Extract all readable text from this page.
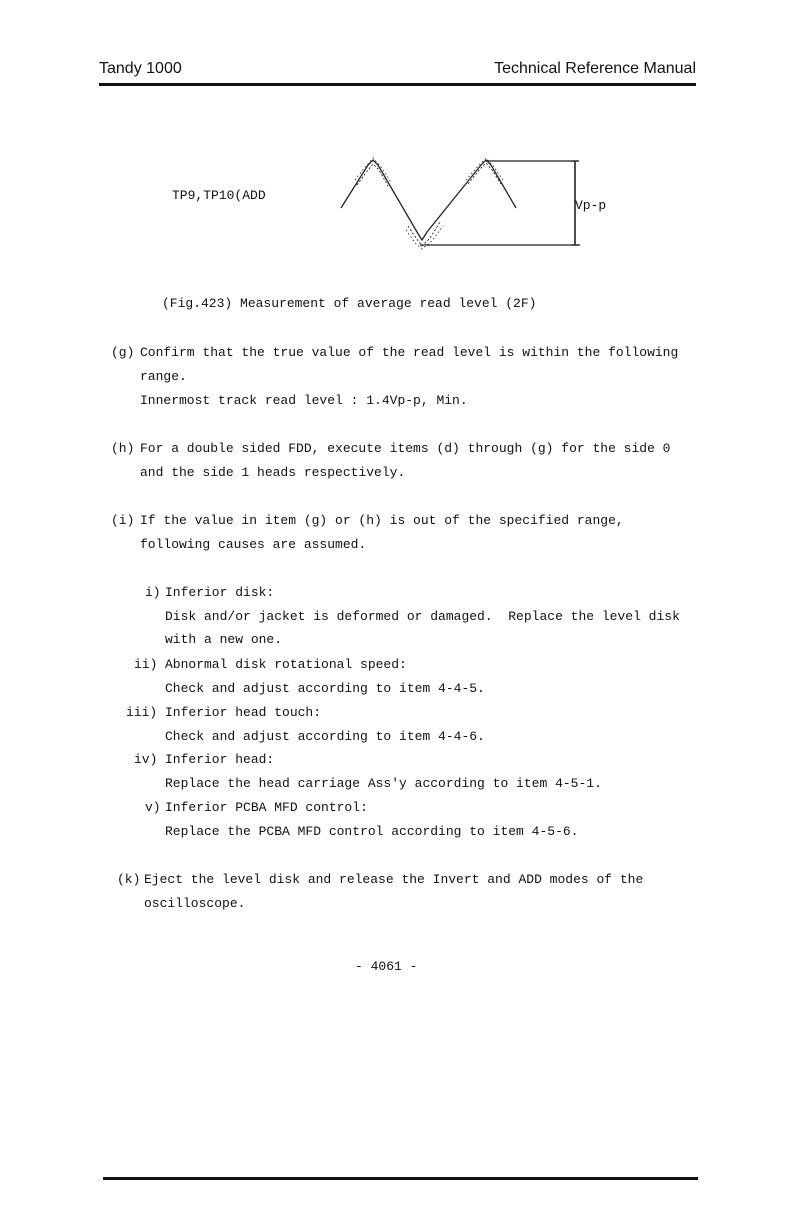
Tandy 1000	Technical Reference Manual
TP9,TP10(ADD
Vp-p
(Fig.423) Measurement of average read level (2F)
(g) Confirm that the true value of the read level is within the following
range.
Innermost track read level : 1.4Vp-p, Min.
(h) For a double sided FDD, execute items (d) through (g) for the side 0
and the side 1 heads respectively.
(i) If the value in item (g) or (h) is out of the specified range,
following causes are assumed.
i) Inferior disk:
Disk and/or jacket is deformed or damaged.  Replace the level disk
with a new one.
ii) Abnormal disk rotational speed:
Check and adjust according to item 4-4-5.
iii) Inferior head touch:
Check and adjust according to item 4-4-6.
iv) Inferior head:
Replace the head carriage Ass'y according to item 4-5-1.
v) Inferior PCBA MFD control:
Replace the PCBA MFD control according to item 4-5-6.
(k) Eject the level disk and release the Invert and ADD modes of the
oscilloscope.
- 4061 -
